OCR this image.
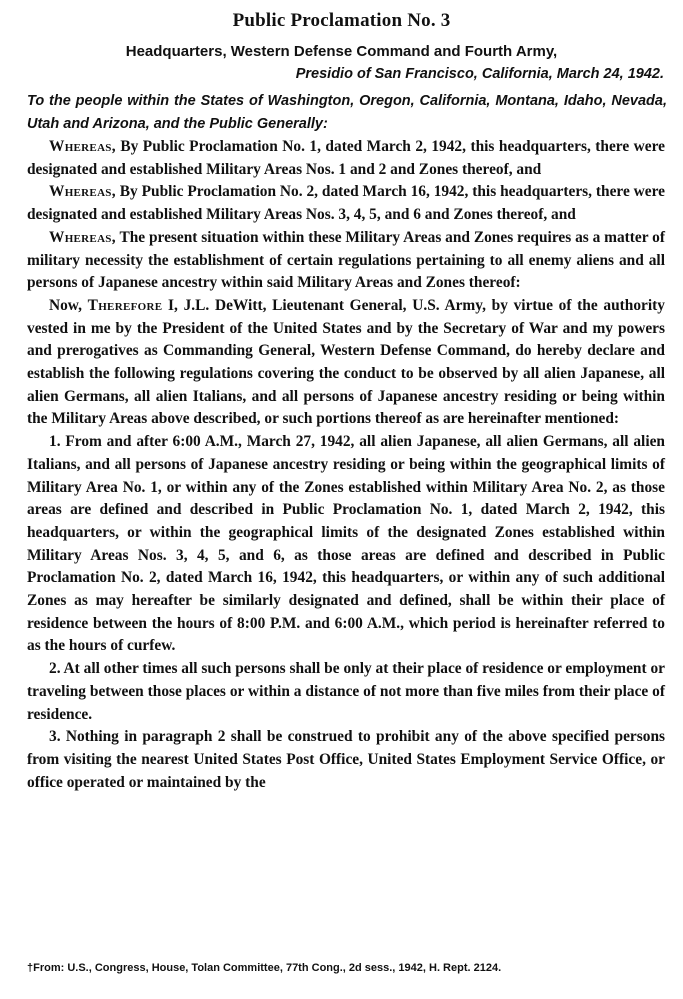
Public Proclamation No. 3
Headquarters, Western Defense Command and Fourth Army,
Presidio of San Francisco, California, March 24, 1942.
To the people within the States of Washington, Oregon, California, Montana, Idaho, Nevada, Utah and Arizona, and the Public Generally:

Whereas, By Public Proclamation No. 1, dated March 2, 1942, this headquarters, there were designated and established Military Areas Nos. 1 and 2 and Zones thereof, and

Whereas, By Public Proclamation No. 2, dated March 16, 1942, this headquarters, there were designated and established Military Areas Nos. 3, 4, 5, and 6 and Zones thereof, and

Whereas, The present situation within these Military Areas and Zones requires as a matter of military necessity the establishment of certain regulations pertaining to all enemy aliens and all persons of Japanese ancestry within said Military Areas and Zones thereof:

Now, Therefore I, J.L. DeWitt, Lieutenant General, U.S. Army, by virtue of the authority vested in me by the President of the United States and by the Secretary of War and my powers and prerogatives as Commanding General, Western Defense Command, do hereby declare and establish the following regulations covering the conduct to be observed by all alien Japanese, all alien Germans, all alien Italians, and all persons of Japanese ancestry residing or being within the Military Areas above described, or such portions thereof as are hereinafter mentioned:

1. From and after 6:00 A.M., March 27, 1942, all alien Japanese, all alien Germans, all alien Italians, and all persons of Japanese ancestry residing or being within the geographical limits of Military Area No. 1, or within any of the Zones established within Military Area No. 2, as those areas are defined and described in Public Proclamation No. 1, dated March 2, 1942, this headquarters, or within the geographical limits of the designated Zones established within Military Areas Nos. 3, 4, 5, and 6, as those areas are defined and described in Public Proclamation No. 2, dated March 16, 1942, this headquarters, or within any of such additional Zones as may hereafter be similarly designated and defined, shall be within their place of residence between the hours of 8:00 P.M. and 6:00 A.M., which period is hereinafter referred to as the hours of curfew.

2. At all other times all such persons shall be only at their place of residence or employment or traveling between those places or within a distance of not more than five miles from their place of residence.

3. Nothing in paragraph 2 shall be construed to prohibit any of the above specified persons from visiting the nearest United States Post Office, United States Employment Service Office, or office operated or maintained by the

†From: U.S., Congress, House, Tolan Committee, 77th Cong., 2d sess., 1942, H. Rept. 2124.
